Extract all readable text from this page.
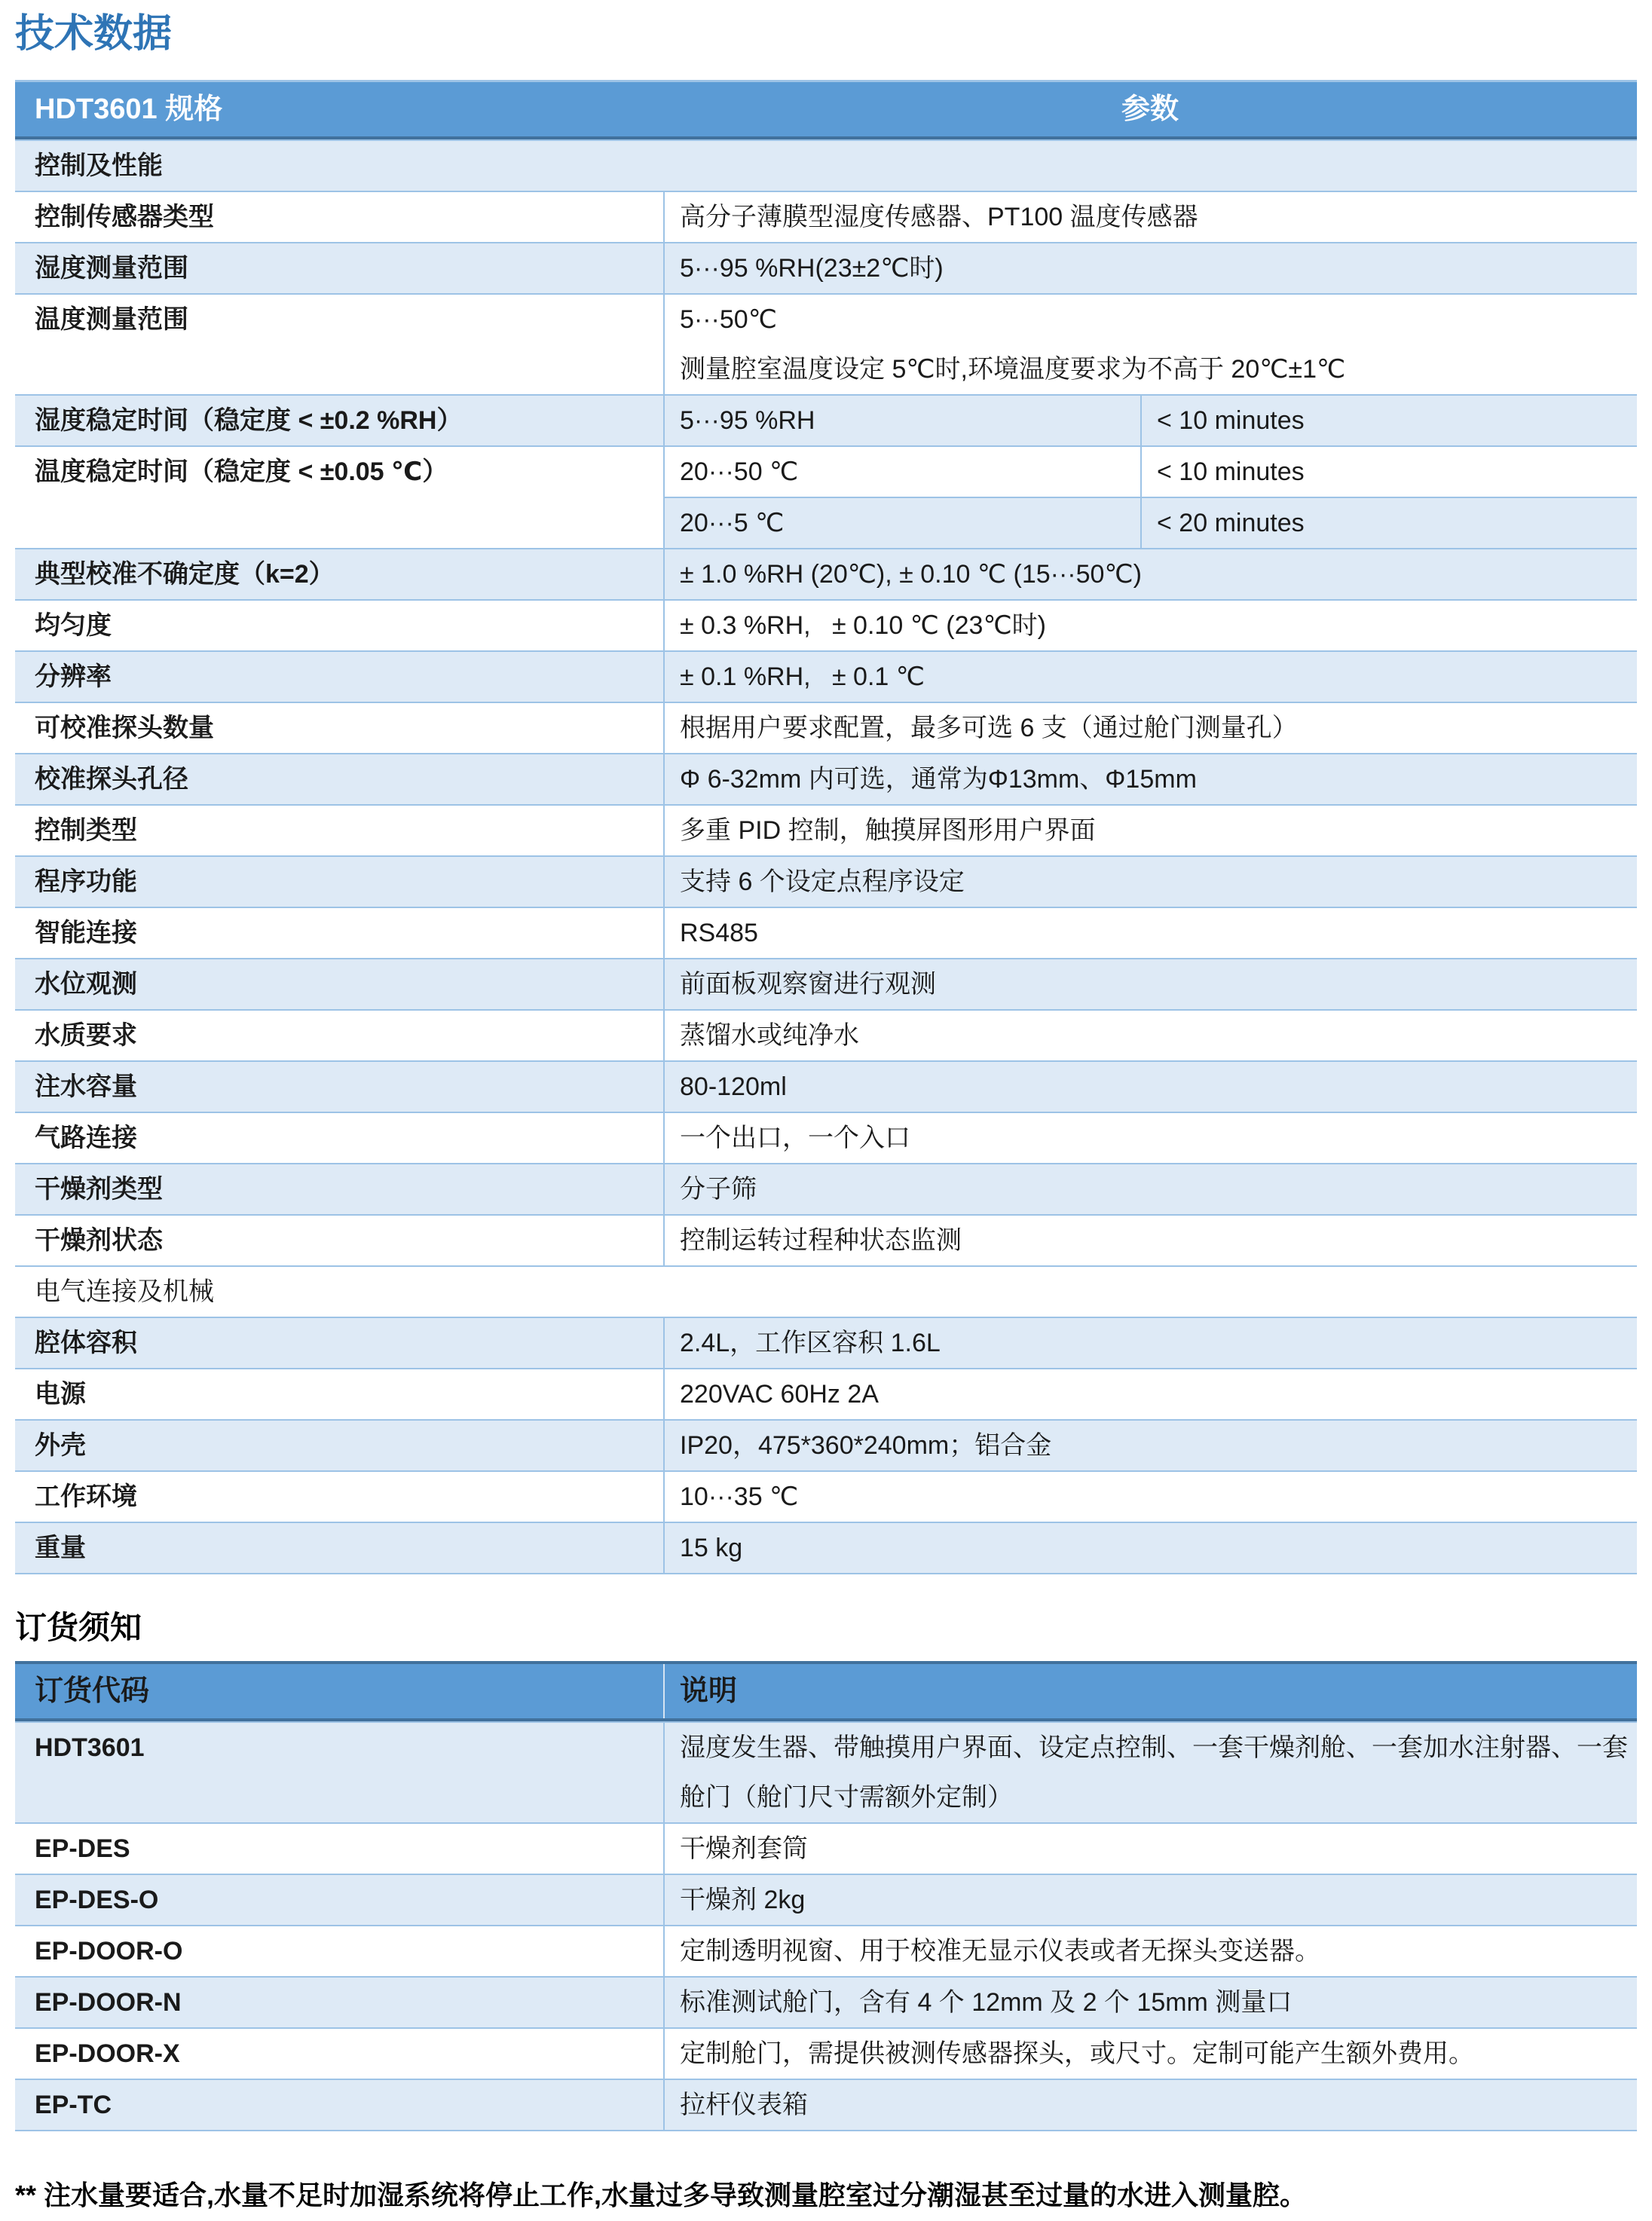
技术数据
HDT3601 规格	参数
控制及性能
控制传感器类型	高分子薄膜型湿度传感器、PT100 温度传感器
湿度测量范围	5···95 %RH(23±2℃时)
温度测量范围	5···50℃
测量腔室温度设定 5℃时,环境温度要求为不高于 20℃±1℃
湿度稳定时间（稳定度 < ±0.2 %RH）	5···95 %RH	< 10 minutes
温度稳定时间（稳定度 < ±0.05 ℃）	20···50 ℃	< 10 minutes
20···5 ℃	< 20 minutes
典型校准不确定度（k=2）	± 1.0 %RH (20℃), ± 0.10 ℃ (15···50℃)
均匀度	± 0.3 %RH,   ± 0.10 ℃ (23℃时)
分辨率	± 0.1 %RH,   ± 0.1 ℃
可校准探头数量	根据用户要求配置，最多可选 6 支（通过舱门测量孔）
校准探头孔径	Φ 6-32mm 内可选，通常为Φ13mm、Φ15mm
控制类型	多重 PID 控制，触摸屏图形用户界面
程序功能	支持 6 个设定点程序设定
智能连接	RS485
水位观测	前面板观察窗进行观测
水质要求	蒸馏水或纯净水
注水容量	80-120ml
气路连接	一个出口，一个入口
干燥剂类型	分子筛
干燥剂状态	控制运转过程种状态监测
电气连接及机械
腔体容积	2.4L，工作区容积 1.6L
电源	220VAC 60Hz 2A
外壳	IP20，475*360*240mm；铝合金
工作环境	10···35 ℃
重量	15 kg
订货须知
订货代码	说明
HDT3601	湿度发生器、带触摸用户界面、设定点控制、一套干燥剂舱、一套加水注射器、一套舱门（舱门尺寸需额外定制）
EP-DES	干燥剂套筒
EP-DES-O	干燥剂 2kg
EP-DOOR-O	定制透明视窗、用于校准无显示仪表或者无探头变送器。
EP-DOOR-N	标准测试舱门，含有 4 个 12mm 及 2 个 15mm 测量口
EP-DOOR-X	定制舱门，需提供被测传感器探头，或尺寸。定制可能产生额外费用。
EP-TC	拉杆仪表箱

** 注水量要适合,水量不足时加湿系统将停止工作,水量过多导致测量腔室过分潮湿甚至过量的水进入测量腔。
